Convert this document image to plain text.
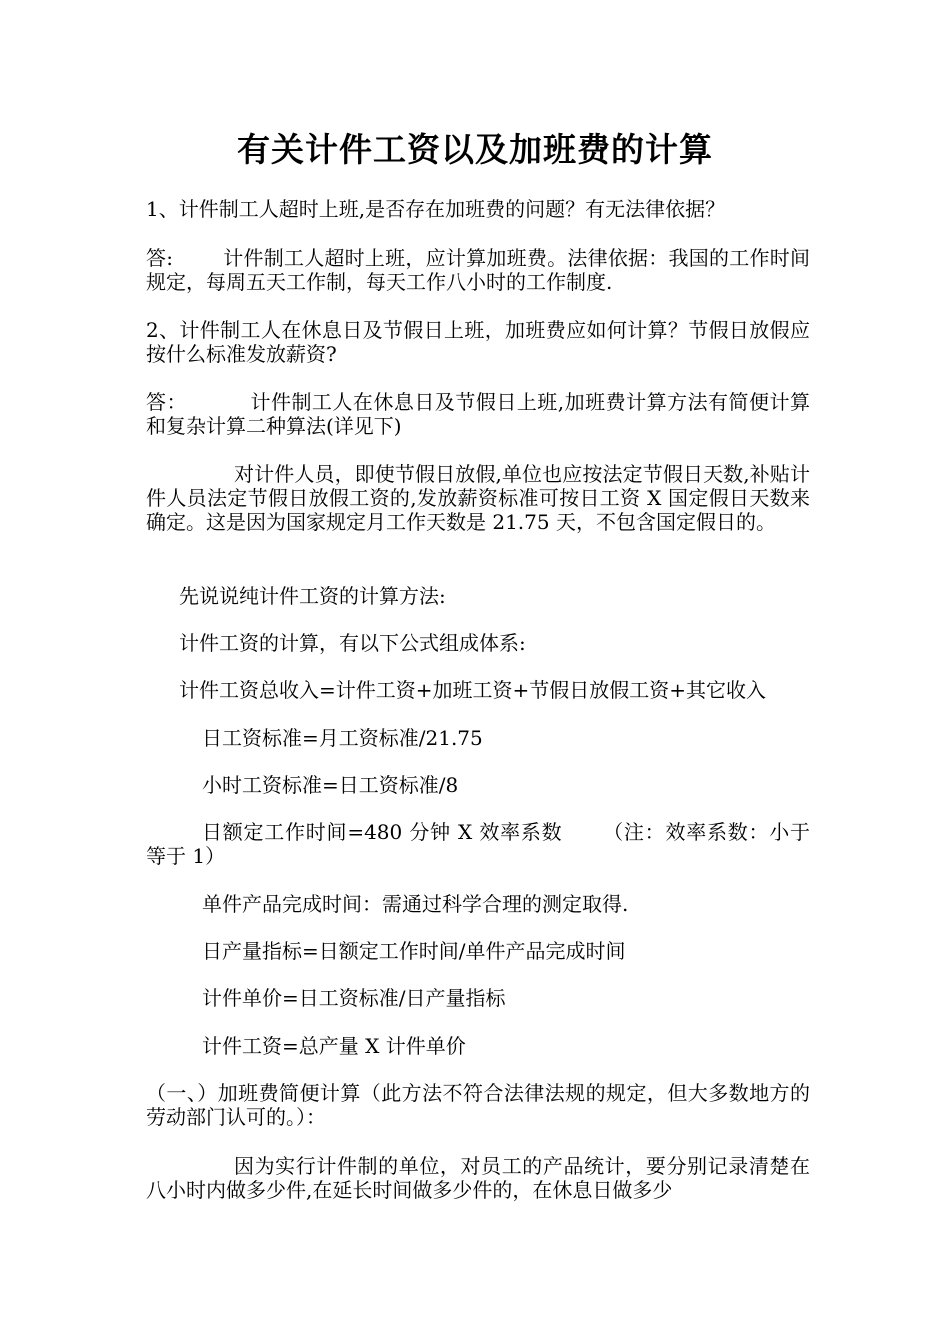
有关计件工资以及加班费的计算

1、计件制工人超时上班,是否存在加班费的问题？有无法律依据？

答:	计件制工人超时上班，应计算加班费。法律依据：我国的工作时间规定，每周五天工作制，每天工作八小时的工作制度.

2、计件制工人在休息日及节假日上班，加班费应如何计算？节假日放假应按什么标准发放薪资?

答：	计件制工人在休息日及节假日上班,加班费计算方法有简便计算和复杂计算二种算法(详见下)

对计件人员，即使节假日放假,单位也应按法定节假日天数,补贴计件人员法定节假日放假工资的,发放薪资标准可按日工资 X 国定假日天数来确定。这是因为国家规定月工作天数是 21.75 天，不包含国定假日的。

先说说纯计件工资的计算方法:

计件工资的计算，有以下公式组成体系:

计件工资总收入=计件工资+加班工资+节假日放假工资+其它收入

日工资标准=月工资标准/21.75

小时工资标准=日工资标准/8

日额定工作时间=480 分钟 X 效率系数 （注：效率系数：小于等于 1）

单件产品完成时间：需通过科学合理的测定取得.

日产量指标=日额定工作时间/单件产品完成时间

计件单价=日工资标准/日产量指标

计件工资=总产量 X 计件单价

（一、）加班费简便计算（此方法不符合法律法规的规定，但大多数地方的劳动部门认可的。）：

因为实行计件制的单位，对员工的产品统计，要分别记录清楚在八小时内做多少件,在延长时间做多少件的，在休息日做多少
